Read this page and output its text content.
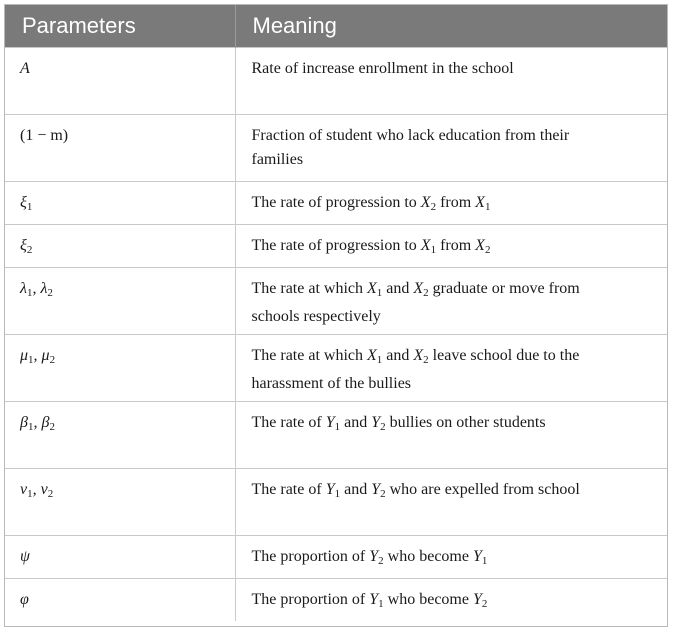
Parameters	Meaning
A	Rate of increase enrollment in the school
(1 − m)	Fraction of student who lack education from their families
$\xi_1$	The rate of progression to $X_2$ from $X_1$
$\xi_2$	The rate of progression to $X_1$ from $X_2$
$\lambda_1$, $\lambda_2$	The rate at which $X_1$ and $X_2$ graduate or move from schools respectively
$\mu_1$, $\mu_2$	The rate at which $X_1$ and $X_2$ leave school due to the harassment of the bullies
$\beta_1$, $\beta_2$	The rate of $Y_1$ and $Y_2$ bullies on other students
$\nu_1$, $\nu_2$	The rate of $Y_1$ and $Y_2$ who are expelled from school
ψ	The proportion of $Y_2$ who become $Y_1$
φ	The proportion of $Y_1$ who become $Y_2$
